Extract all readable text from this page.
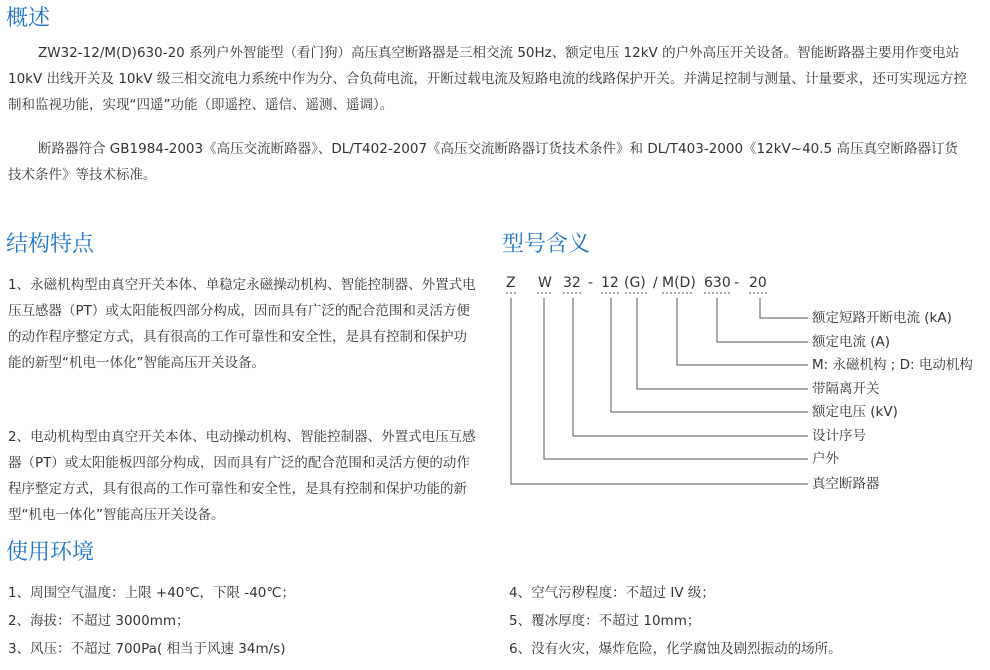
概述

ZW32-12/M(D)630-20 系列户外智能型（看门狗）高压真空断路器是三相交流 50Hz、额定电压 12kV 的户外高压开关设备。智能断路器主要用作变电站 10kV 出线开关及 10kV 级三相交流电力系统中作为分、合负荷电流，开断过载电流及短路电流的线路保护开关。并满足控制与测量、计量要求，还可实现远方控制和监视功能，实现“四遥”功能（即遥控、遥信、遥测、遥调）。

断路器符合 GB1984-2003《高压交流断路器》、DL/T402-2007《高压交流断路器订货技术条件》和 DL/T403-2000《12kV~40.5 高压真空断路器订货技术条件》等技术标准。

结构特点

1、永磁机构型由真空开关本体、单稳定永磁操动机构、智能控制器、外置式电压互感器（PT）或太阳能板四部分构成，因而具有广泛的配合范围和灵活方便的动作程序整定方式，具有很高的工作可靠性和安全性，是具有控制和保护功能的新型“机电一体化”智能高压开关设备。

2、电动机构型由真空开关本体、电动操动机构、智能控制器、外置式电压互感器（PT）或太阳能板四部分构成，因而具有广泛的配合范围和灵活方便的动作程序整定方式，具有很高的工作可靠性和安全性，是具有控制和保护功能的新型“机电一体化”智能高压开关设备。

型号含义
Z W 32 - 12 (G) / M(D) 630 - 20
额定短路开断电流 (kA)
额定电流 (A)
M: 永磁机构 ; D: 电动机构
带隔离开关
额定电压 (kV)
设计序号
户外
真空断路器
使用环境
1、周围空气温度：上限 +40℃，下限 -40℃；
2、海拔：不超过 3000mm；
3、风压：不超过 700Pa( 相当于风速 34m/s)
4、空气污秽程度：不超过 IV 级；
5、覆冰厚度：不超过 10mm；
6、没有火灾，爆炸危险，化学腐蚀及剧烈振动的场所。
